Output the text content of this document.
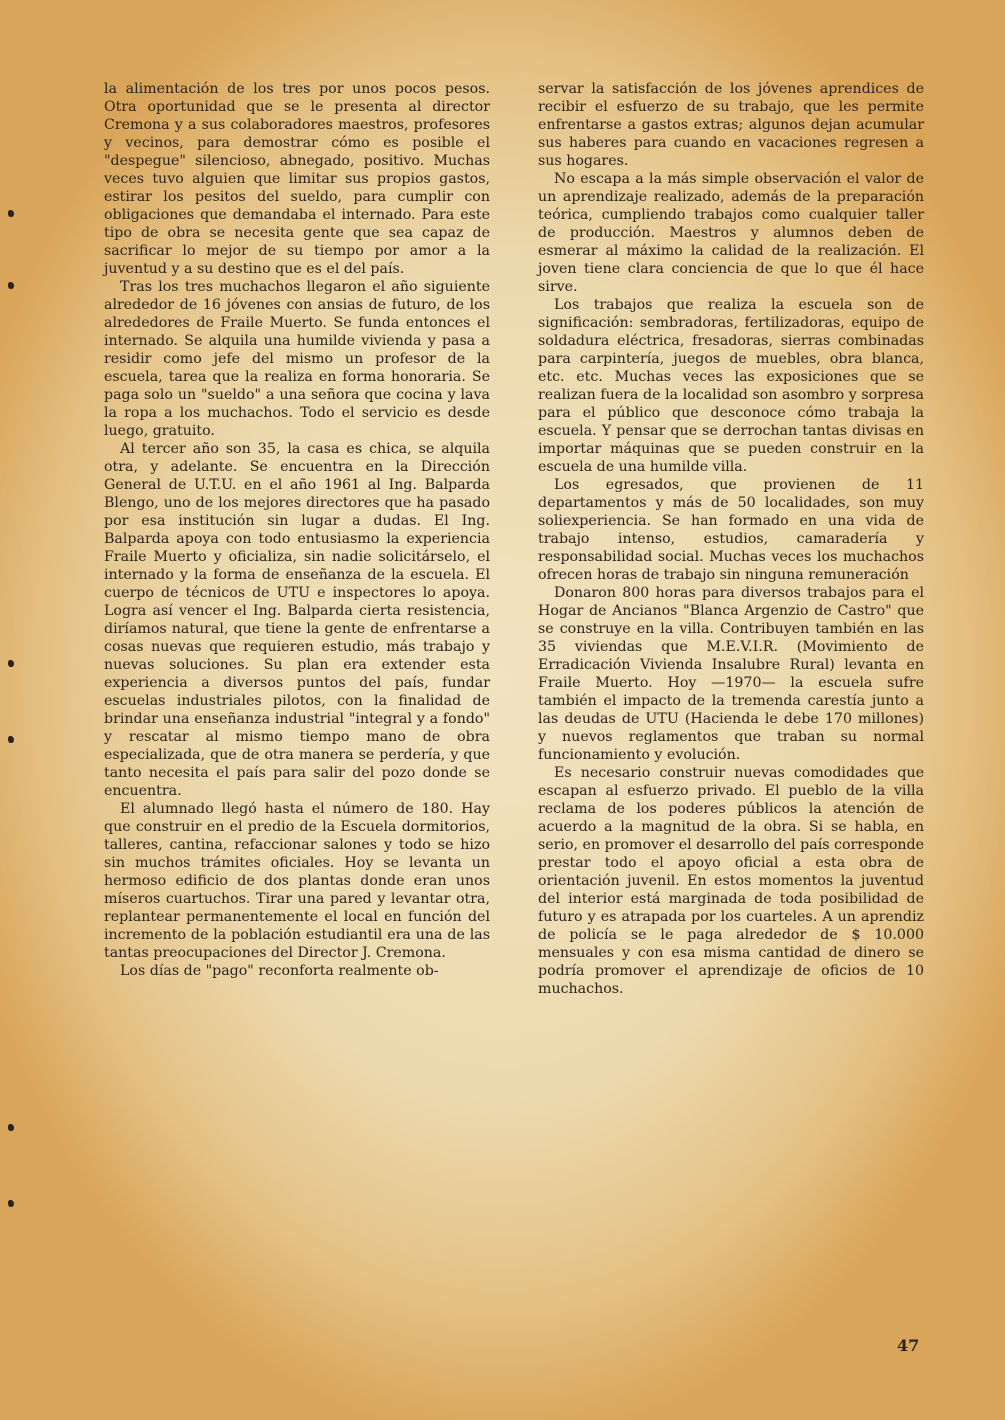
la alimentación de los tres por unos pocos pesos. Otra oportunidad que se le presenta al director Cremona y a sus colaboradores maestros, profesores y vecinos, para demostrar cómo es posible el "despegue" silencioso, abnegado, positivo. Muchas veces tuvo alguien que limitar sus propios gastos, estirar los pesitos del sueldo, para cumplir con obligaciones que demandaba el internado. Para este tipo de obra se necesita gente que sea capaz de sacrificar lo mejor de su tiempo por amor a la juventud y a su destino que es el del país.

Tras los tres muchachos llegaron el año siguiente alrededor de 16 jóvenes con ansias de futuro, de los alrededores de Fraile Muerto. Se funda entonces el internado. Se alquila una humilde vivienda y pasa a residir como jefe del mismo un profesor de la escuela, tarea que la realiza en forma honoraria. Se paga solo un "sueldo" a una señora que cocina y lava la ropa a los muchachos. Todo el servicio es desde luego, gratuito.

Al tercer año son 35, la casa es chica, se alquila otra, y adelante. Se encuentra en la Dirección General de U.T.U. en el año 1961 al Ing. Balparda Blengo, uno de los mejores directores que ha pasado por esa institución sin lugar a dudas. El Ing. Balparda apoya con todo entusiasmo la experiencia Fraile Muerto y oficializa, sin nadie solicitárselo, el internado y la forma de enseñanza de la escuela. El cuerpo de técnicos de UTU e inspectores lo apoya. Logra así vencer el Ing. Balparda cierta resistencia, diríamos natural, que tiene la gente de enfrentarse a cosas nuevas que requieren estudio, más trabajo y nuevas soluciones. Su plan era extender esta experiencia a diversos puntos del país, fundar escuelas industriales pilotos, con la finalidad de brindar una enseñanza industrial "integral y a fondo" y rescatar al mismo tiempo mano de obra especializada, que de otra manera se perdería, y que tanto necesita el país para salir del pozo donde se encuentra.

El alumnado llegó hasta el número de 180. Hay que construir en el predio de la Escuela dormitorios, talleres, cantina, refaccionar salones y todo se hizo sin muchos trámites oficiales. Hoy se levanta un hermoso edificio de dos plantas donde eran unos míseros cuartuchos. Tirar una pared y levantar otra, replantear permanentemente el local en función del incremento de la población estudiantil era una de las tantas preocupaciones del Director J. Cremona.

Los días de "pago" reconforta realmente ob-

servar la satisfacción de los jóvenes aprendices de recibir el esfuerzo de su trabajo, que les permite enfrentarse a gastos extras; algunos dejan acumular sus haberes para cuando en vacaciones regresen a sus hogares.

No escapa a la más simple observación el valor de un aprendizaje realizado, además de la preparación teórica, cumpliendo trabajos como cualquier taller de producción. Maestros y alumnos deben de esmerar al máximo la calidad de la realización. El joven tiene clara conciencia de que lo que él hace sirve.

Los trabajos que realiza la escuela son de significación: sembradoras, fertilizadoras, equipo de soldadura eléctrica, fresadoras, sierras combinadas para carpintería, juegos de muebles, obra blanca, etc. etc. Muchas veces las exposiciones que se realizan fuera de la localidad son asombro y sorpresa para el público que desconoce cómo trabaja la escuela. Y pensar que se derrochan tantas divisas en importar máquinas que se pueden construir en la escuela de una humilde villa.

Los egresados, que provienen de 11 departamentos y más de 50 localidades, son muy soliexperiencia. Se han formado en una vida de trabajo intenso, estudios, camaradería y responsabilidad social. Muchas veces los muchachos ofrecen horas de trabajo sin ninguna remuneración

Donaron 800 horas para diversos trabajos para el Hogar de Ancianos "Blanca Argenzio de Castro" que se construye en la villa. Contribuyen también en las 35 viviendas que M.E.V.I.R. (Movimiento de Erradicación Vivienda Insalubre Rural) levanta en Fraile Muerto. Hoy —1970— la escuela sufre también el impacto de la tremenda carestía junto a las deudas de UTU (Hacienda le debe 170 millones) y nuevos reglamentos que traban su normal funcionamiento y evolución.

Es necesario construir nuevas comodidades que escapan al esfuerzo privado. El pueblo de la villa reclama de los poderes públicos la atención de acuerdo a la magnitud de la obra. Si se habla, en serio, en promover el desarrollo del país corresponde prestar todo el apoyo oficial a esta obra de orientación juvenil. En estos momentos la juventud del interior está marginada de toda posibilidad de futuro y es atrapada por los cuarteles. A un aprendiz de policía se le paga alrededor de $ 10.000 mensuales y con esa misma cantidad de dinero se podría promover el aprendizaje de oficios de 10 muchachos.

47
